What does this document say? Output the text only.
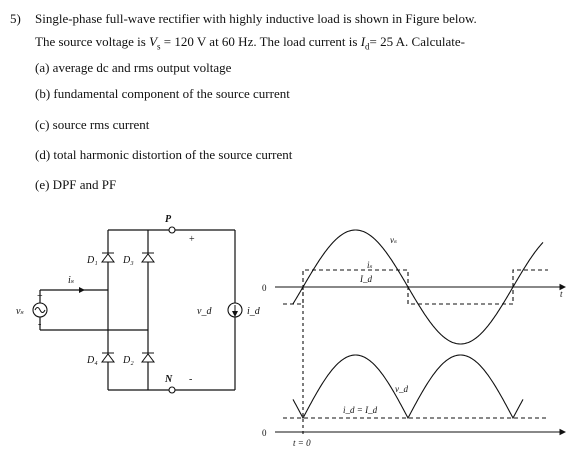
5) Single-phase full-wave rectifier with highly inductive load is shown in Figure below.
The source voltage is $V_s = 120$ V at 60 Hz. The load current is $I_d= 25$ A. Calculate-
(a) average dc and rms output voltage
(b) fundamental component of the source current
(c) source rms current
(d) total harmonic distortion of the source current
(e) DPF and PF
P
+
N -
D₁	D₃
D₄	D₂
vₛ
iₛ
v_d	i_d
+
-
0
0
t
vₛ
iₛ
I_d
v_d
i_d = I_d
t = 0
